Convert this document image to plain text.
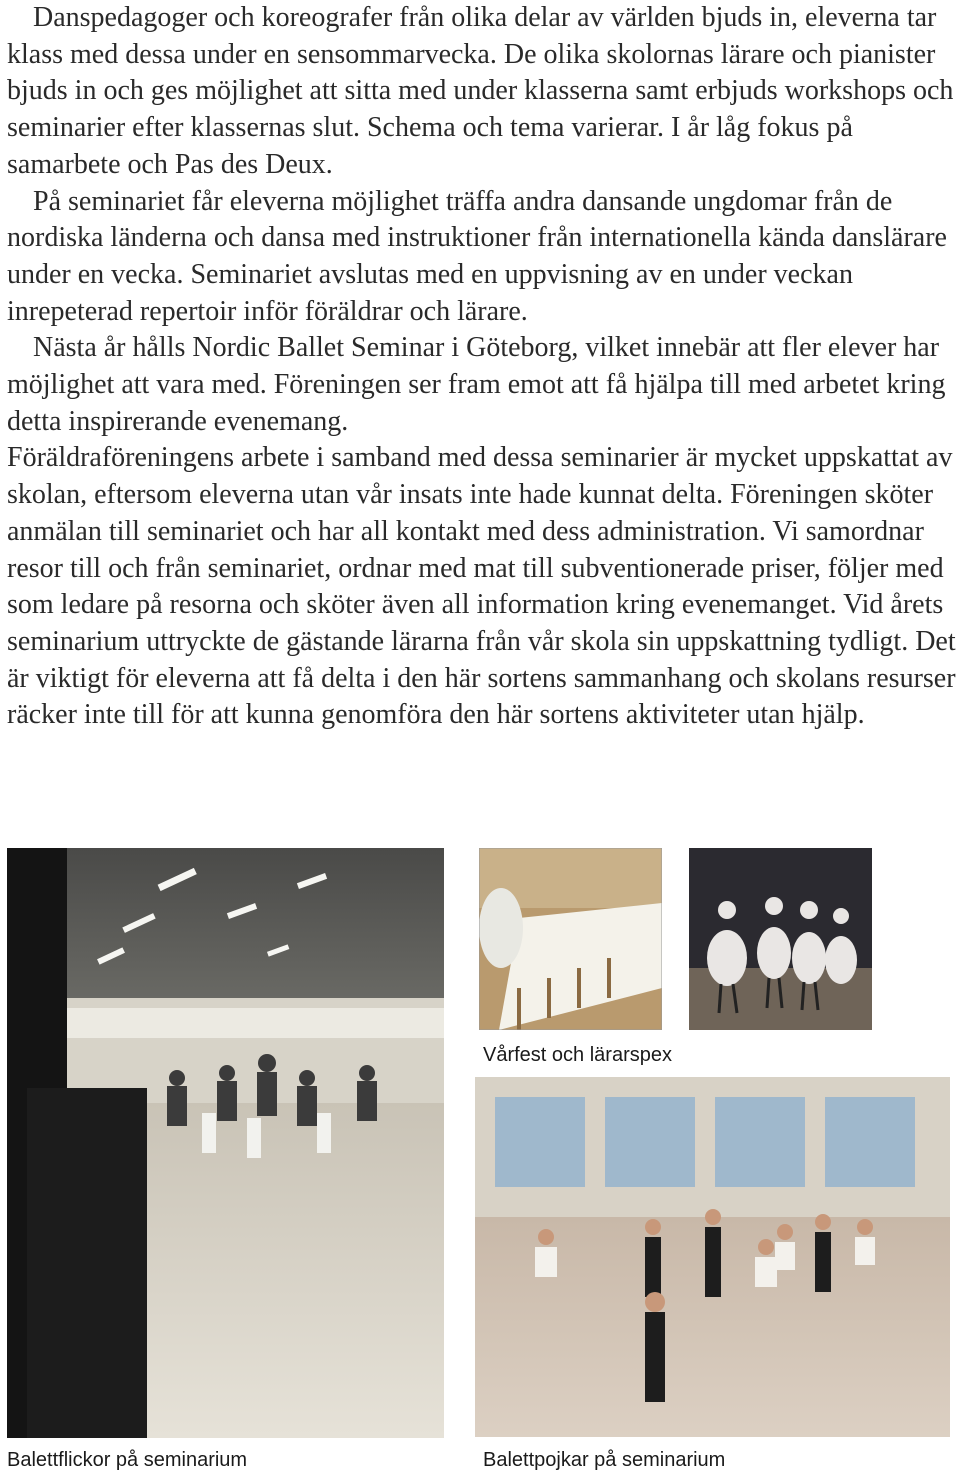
Danspedagoger och koreografer från olika delar av världen bjuds in, eleverna tar klass med dessa under en sensommarvecka. De olika skolornas lärare och pianister bjuds in och ges möjlighet att sitta med under klasserna samt erbjuds workshops och seminarier efter klassernas slut. Schema och tema varierar. I år låg fokus på samarbete och Pas des Deux.

På seminariet får eleverna möjlighet träffa andra dansande ungdomar från de nordiska länderna och dansa med instruktioner från internationella kända danslärare under en vecka. Seminariet avslutas med en uppvisning av en under veckan inrepeterad repertoir inför föräldrar och lärare.

Nästa år hålls Nordic Ballet Seminar i Göteborg, vilket innebär att fler elever har möjlighet att vara med. Föreningen ser fram emot att få hjälpa till med arbetet kring detta inspirerande evenemang.

Föräldraföreningens arbete i samband med dessa seminarier är mycket uppskattat av skolan, eftersom eleverna utan vår insats inte hade kunnat delta. Föreningen sköter anmälan till seminariet och har all kontakt med dess administration. Vi samordnar resor till och från seminariet, ordnar med mat till subventionerade priser, följer med som ledare på resorna och sköter även all information kring evenemanget. Vid årets seminarium uttryckte de gästande lärarna från vår skola sin uppskattning tydligt. Det är viktigt för eleverna att få delta i den här sortens sammanhang och skolans resurser räcker inte till för att kunna genomföra den här sortens aktiviteter utan hjälp.

Vårfest och lärarspex
Balettflickor på seminarium	Balettpojkar på seminarium
